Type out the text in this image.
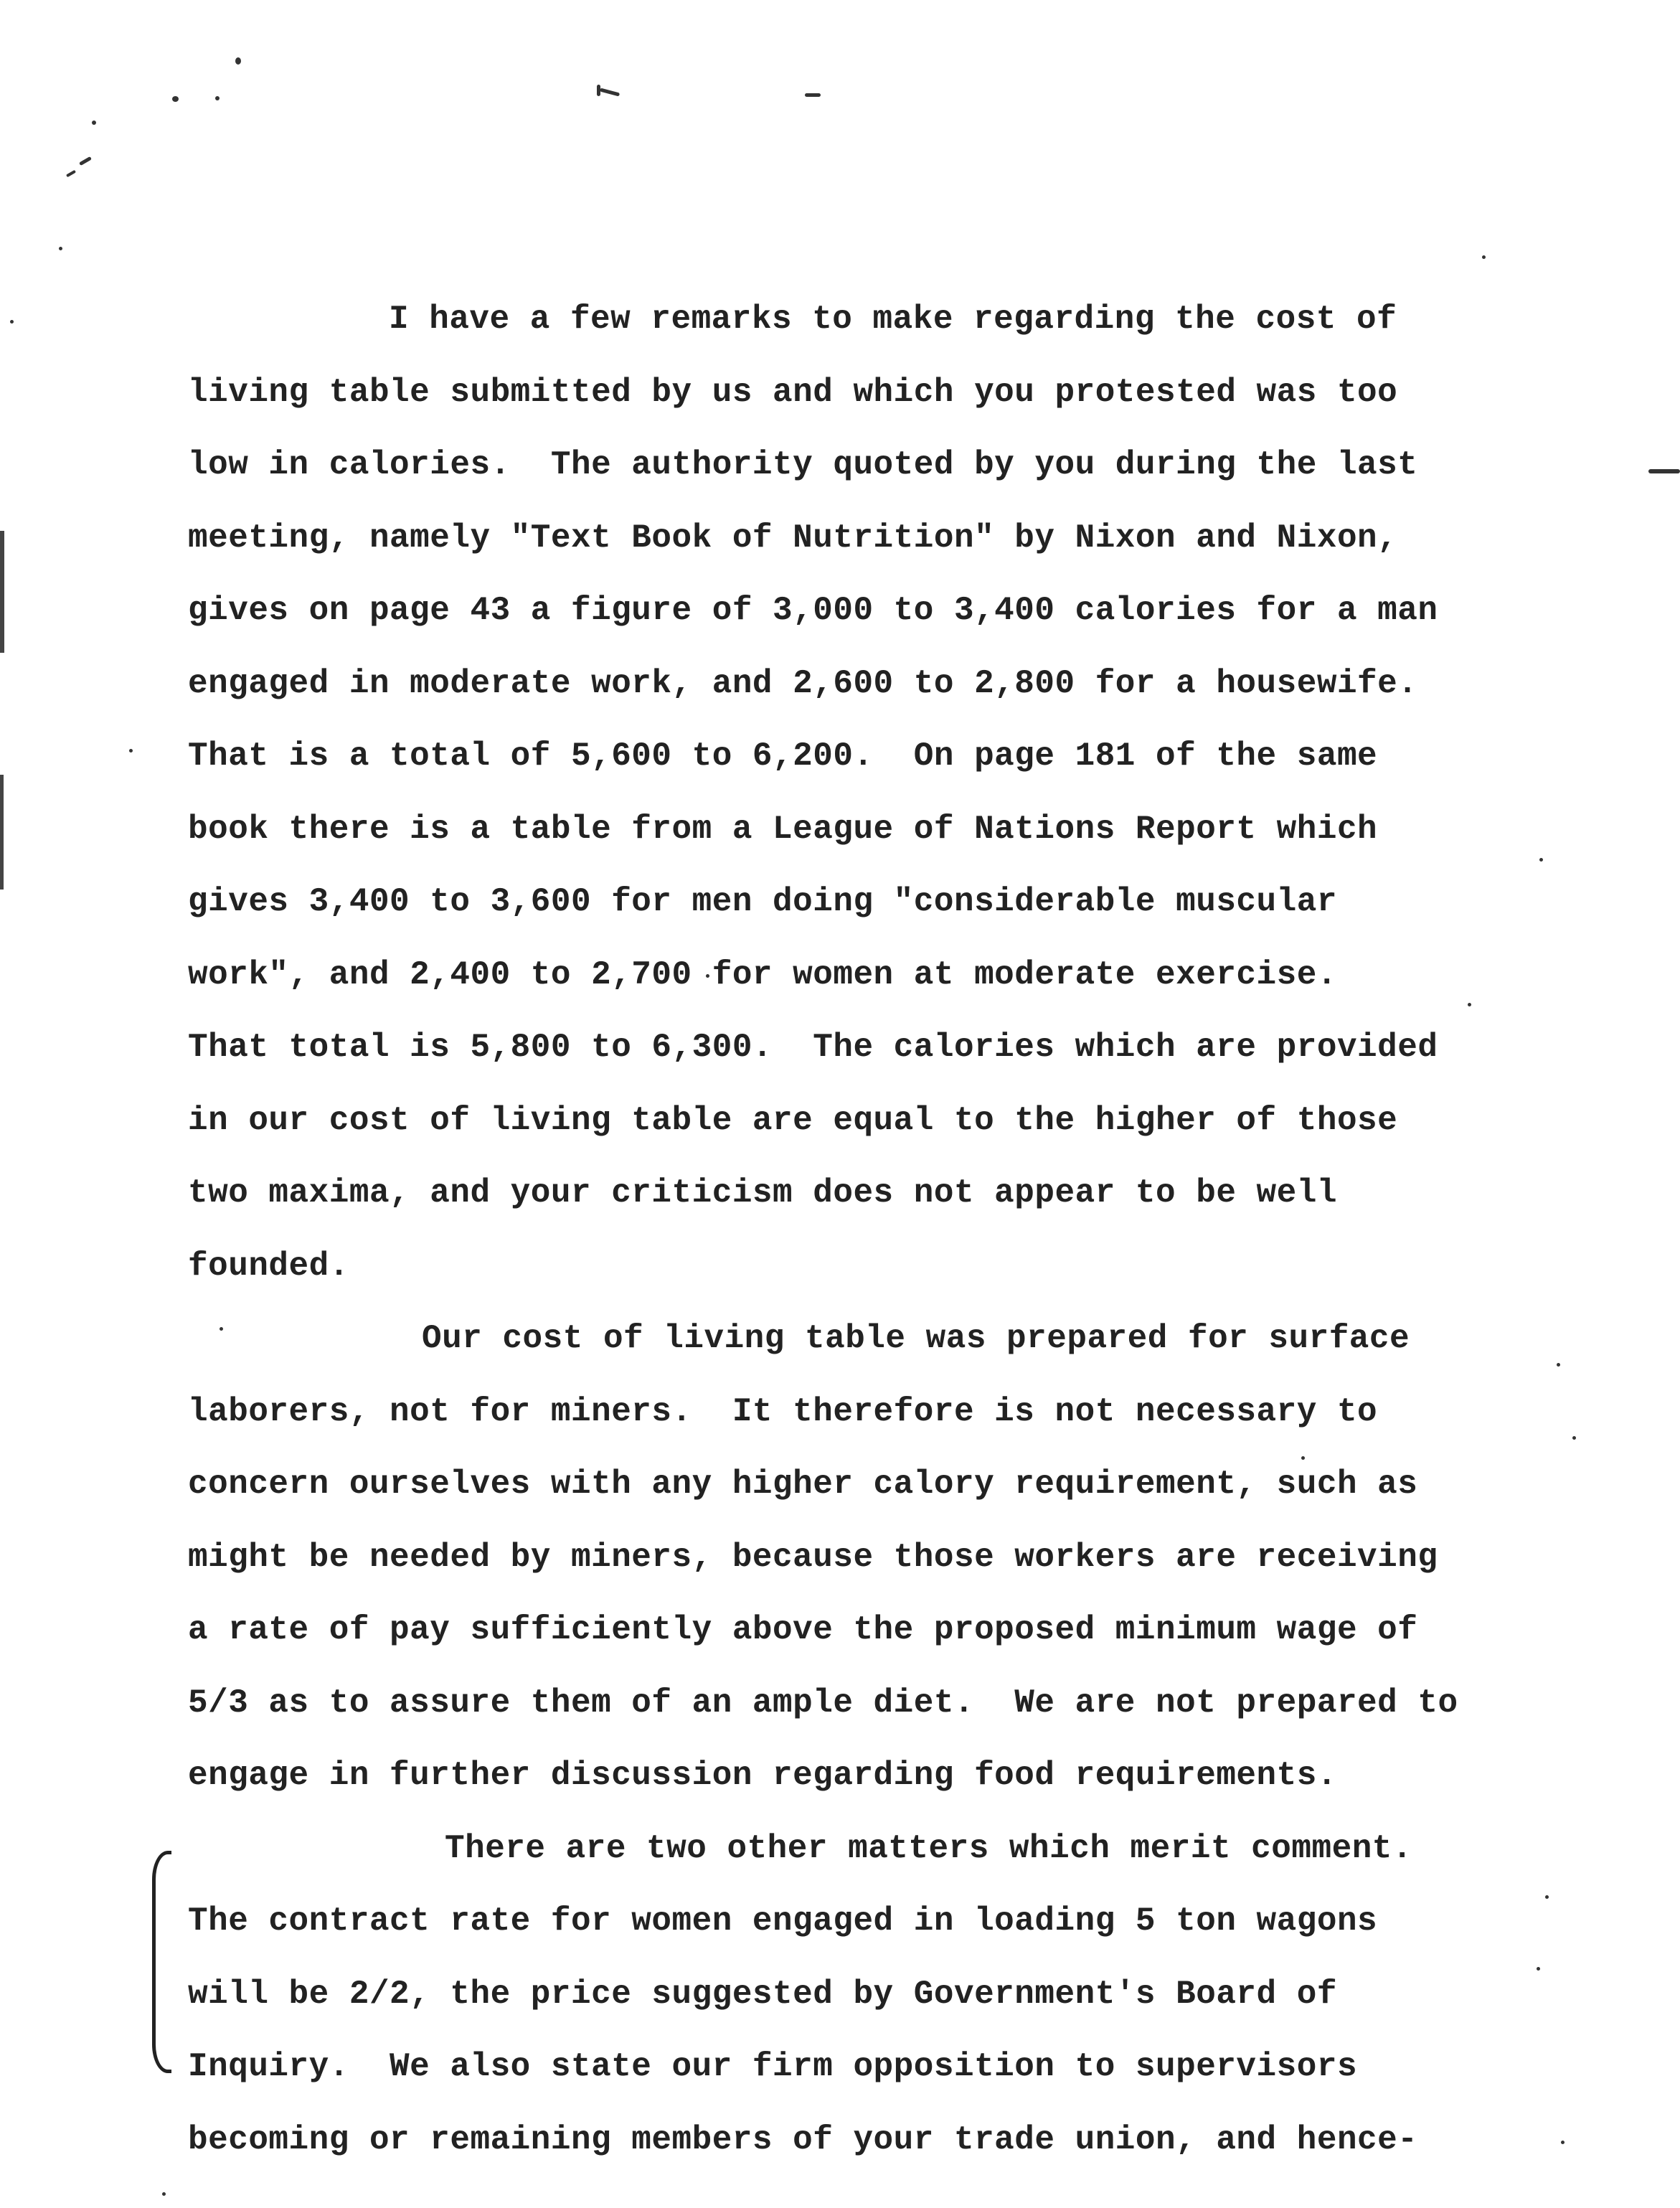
I have a few remarks to make regarding the cost of
living table submitted by us and which you protested was too
low in calories.  The authority quoted by you during the last
meeting, namely "Text Book of Nutrition" by Nixon and Nixon,
gives on page 43 a figure of 3,000 to 3,400 calories for a man
engaged in moderate work, and 2,600 to 2,800 for a housewife.
That is a total of 5,600 to 6,200.  On page 181 of the same
book there is a table from a League of Nations Report which
gives 3,400 to 3,600 for men doing "considerable muscular
work", and 2,400 to 2,700 for women at moderate exercise.
That total is 5,800 to 6,300.  The calories which are provided
in our cost of living table are equal to the higher of those
two maxima, and your criticism does not appear to be well
founded.
Our cost of living table was prepared for surface
laborers, not for miners.  It therefore is not necessary to
concern ourselves with any higher calory requirement, such as
might be needed by miners, because those workers are receiving
a rate of pay sufficiently above the proposed minimum wage of
5/3 as to assure them of an ample diet.  We are not prepared to
engage in further discussion regarding food requirements.
There are two other matters which merit comment.
The contract rate for women engaged in loading 5 ton wagons
will be 2/2, the price suggested by Government's Board of
Inquiry.  We also state our firm opposition to supervisors
becoming or remaining members of your trade union, and hence-
